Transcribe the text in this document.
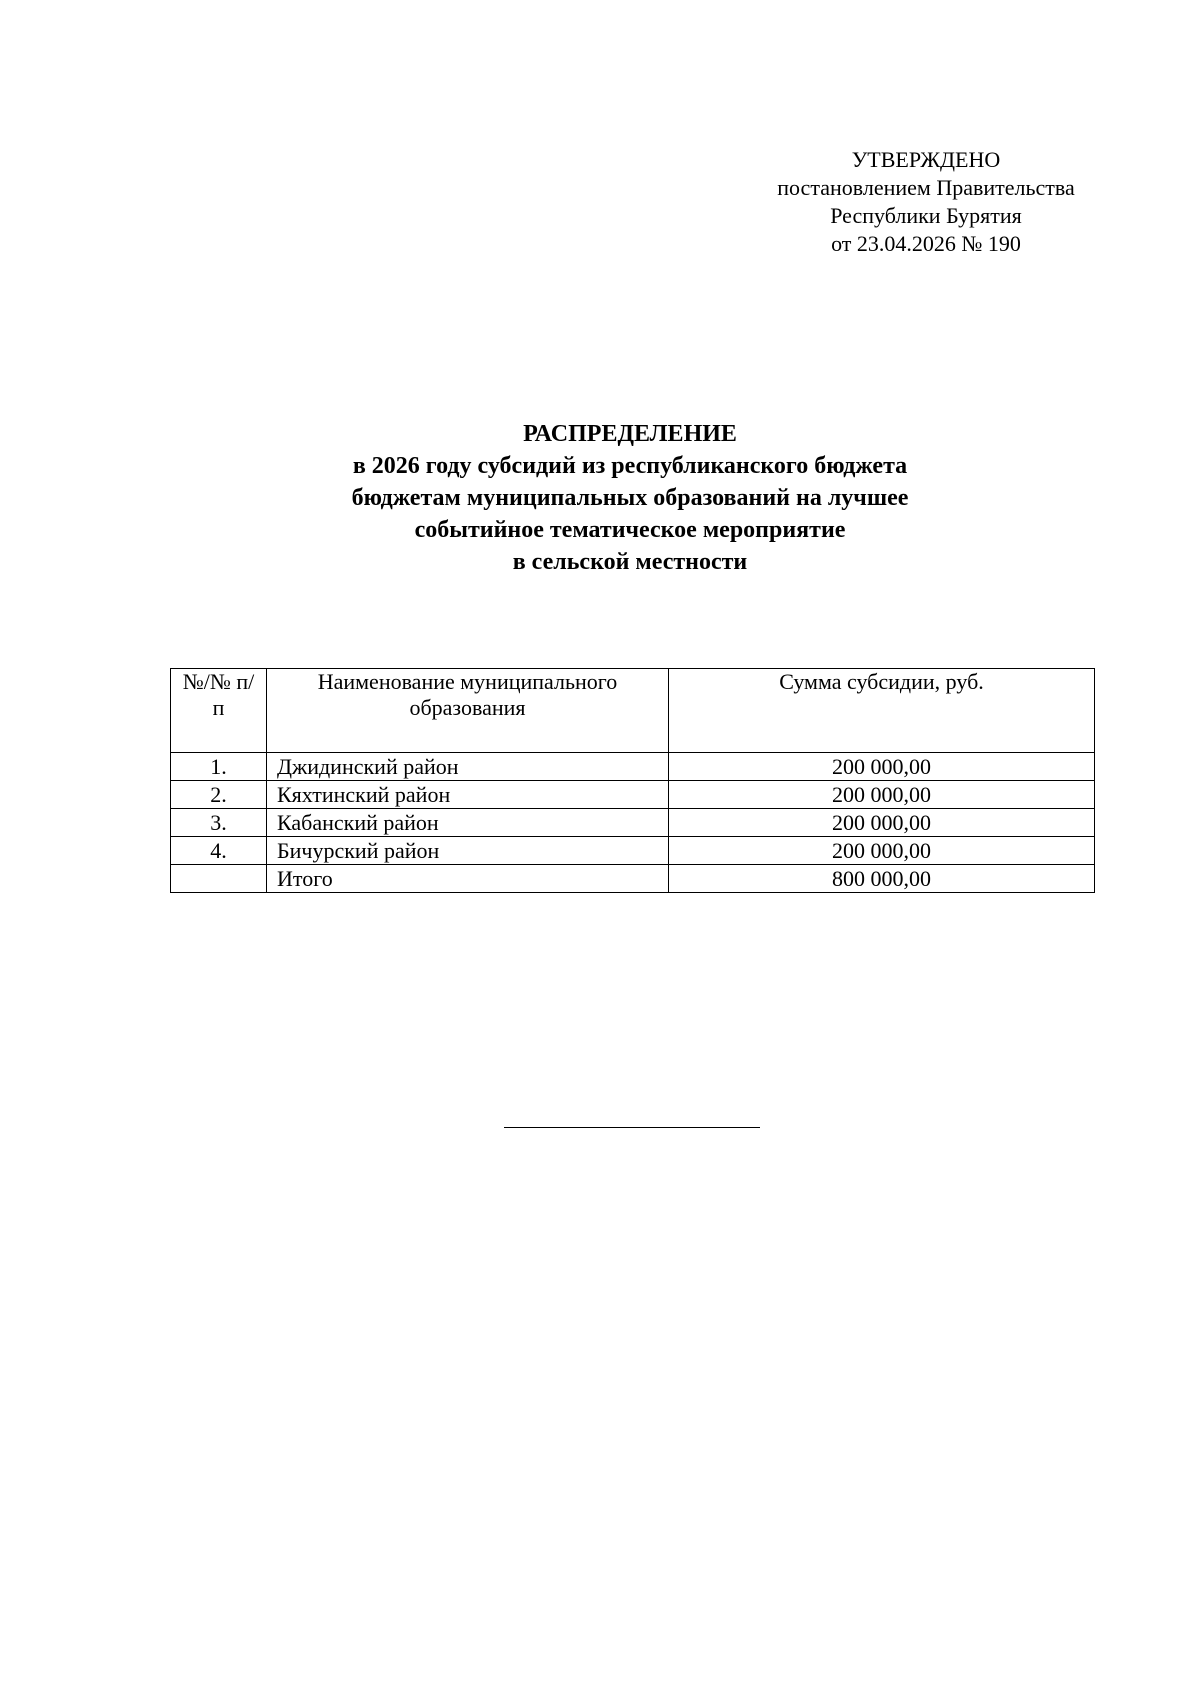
УТВЕРЖДЕНО
постановлением Правительства
Республики Бурятия
от 23.04.2026 № 190
РАСПРЕДЕЛЕНИЕ
в 2026 году субсидий из республиканского бюджета
бюджетам муниципальных образований на лучшее
событийное тематическое мероприятие
в сельской местности
№/№ п/п	Наименование муниципального образования	Сумма субсидии, руб.
1.	Джидинский район	200 000,00
2.	Кяхтинский район	200 000,00
3.	Кабанский район	200 000,00
4.	Бичурский район	200 000,00
	Итого	800 000,00
